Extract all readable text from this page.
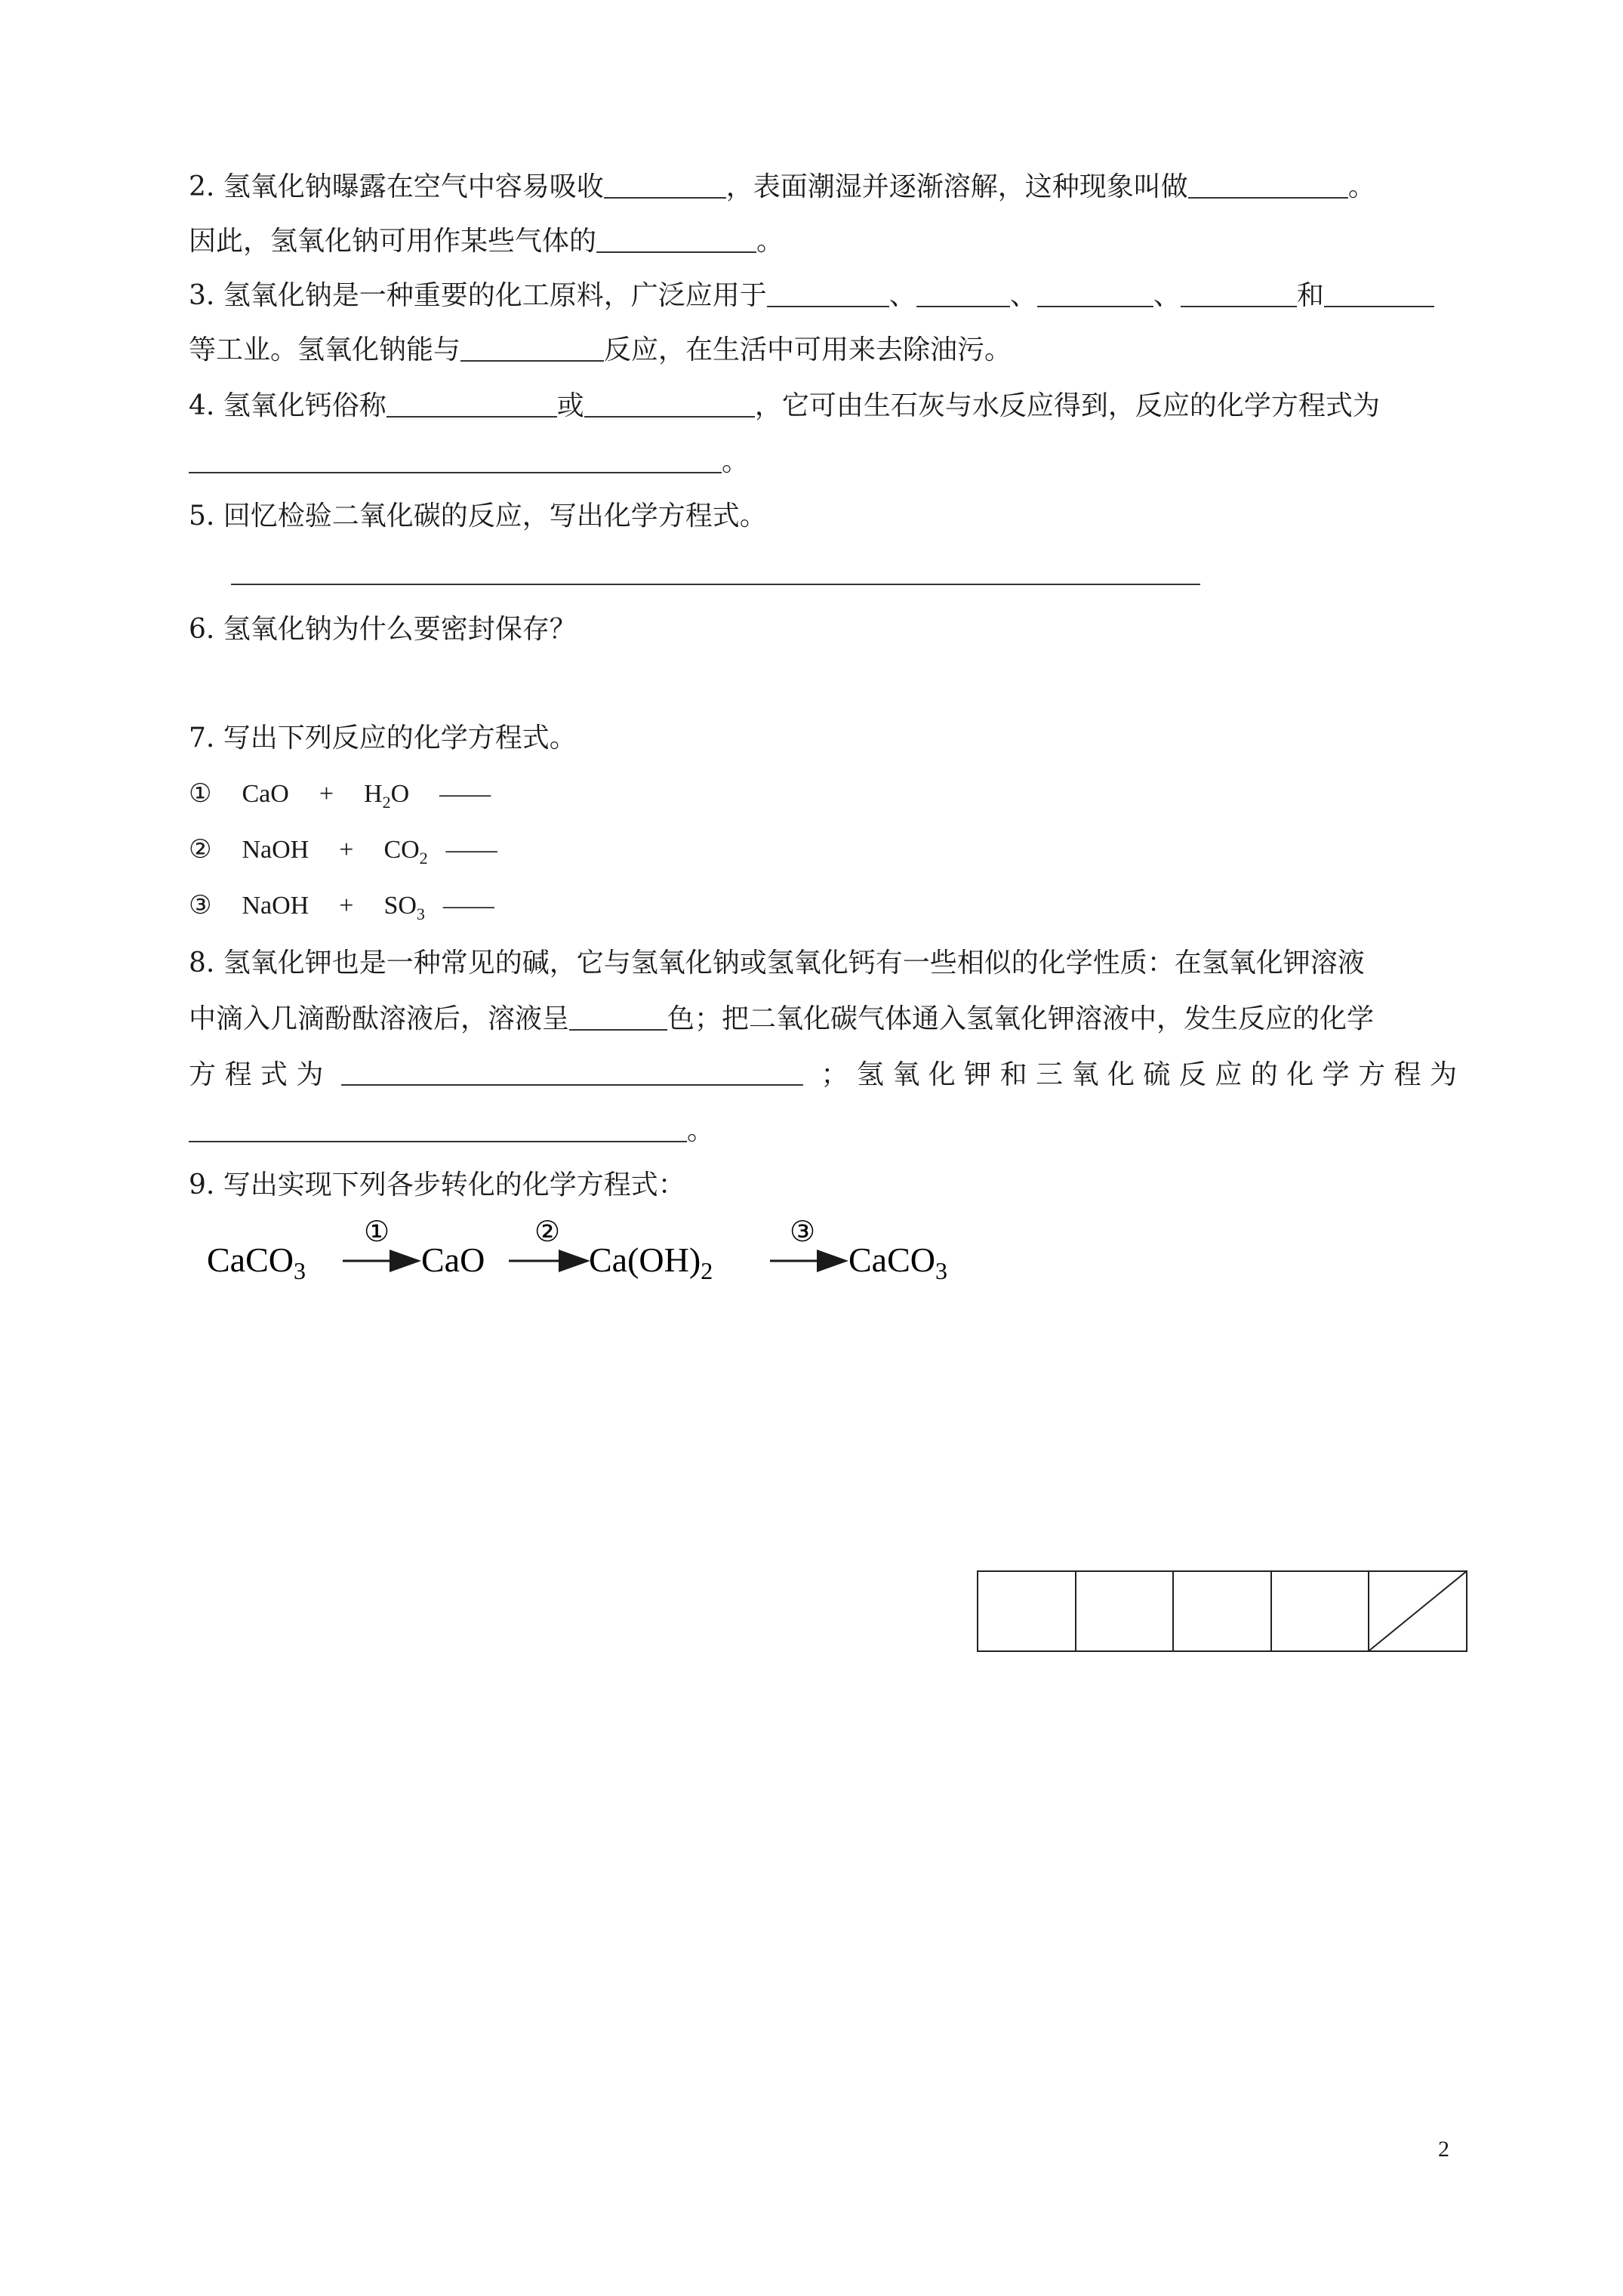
2. 氢氧化钠曝露在空气中容易吸收	，表面潮湿并逐渐溶解，这种现象叫做	。
因此，氢氧化钠可用作某些气体的	。
3. 氢氧化钠是一种重要的化工原料，广泛应用于	、	、	、	和
等工业。氢氧化钠能与	反应，在生活中可用来去除油污。
4. 氢氧化钙俗称	或	，它可由生石灰与水反应得到，反应的化学方程式为
。
5. 回忆检验二氧化碳的反应，写出化学方程式。
6. 氢氧化钠为什么要密封保存？
7. 写出下列反应的化学方程式。
① CaO + $H_2O$ ——
② NaOH + $CO_2$ ——
③ NaOH + $SO_3$ ——
8. 氢氧化钾也是一种常见的碱，它与氢氧化钠或氢氧化钙有一些相似的化学性质：在氢氧化钾溶液
中滴入几滴酚酞溶液后，溶液呈	色；把二氧化碳气体通入氢氧化钾溶液中，发生反应的化学
方 程 式 为	； 氢 氧 化 钾 和 三 氧 化 硫 反 应 的 化 学 方 程 为
。
9. 写出实现下列各步转化的化学方程式：
CaCO$_3$
①
CaO
②
$Ca(OH)_2$
③
CaCO$_3$
2
